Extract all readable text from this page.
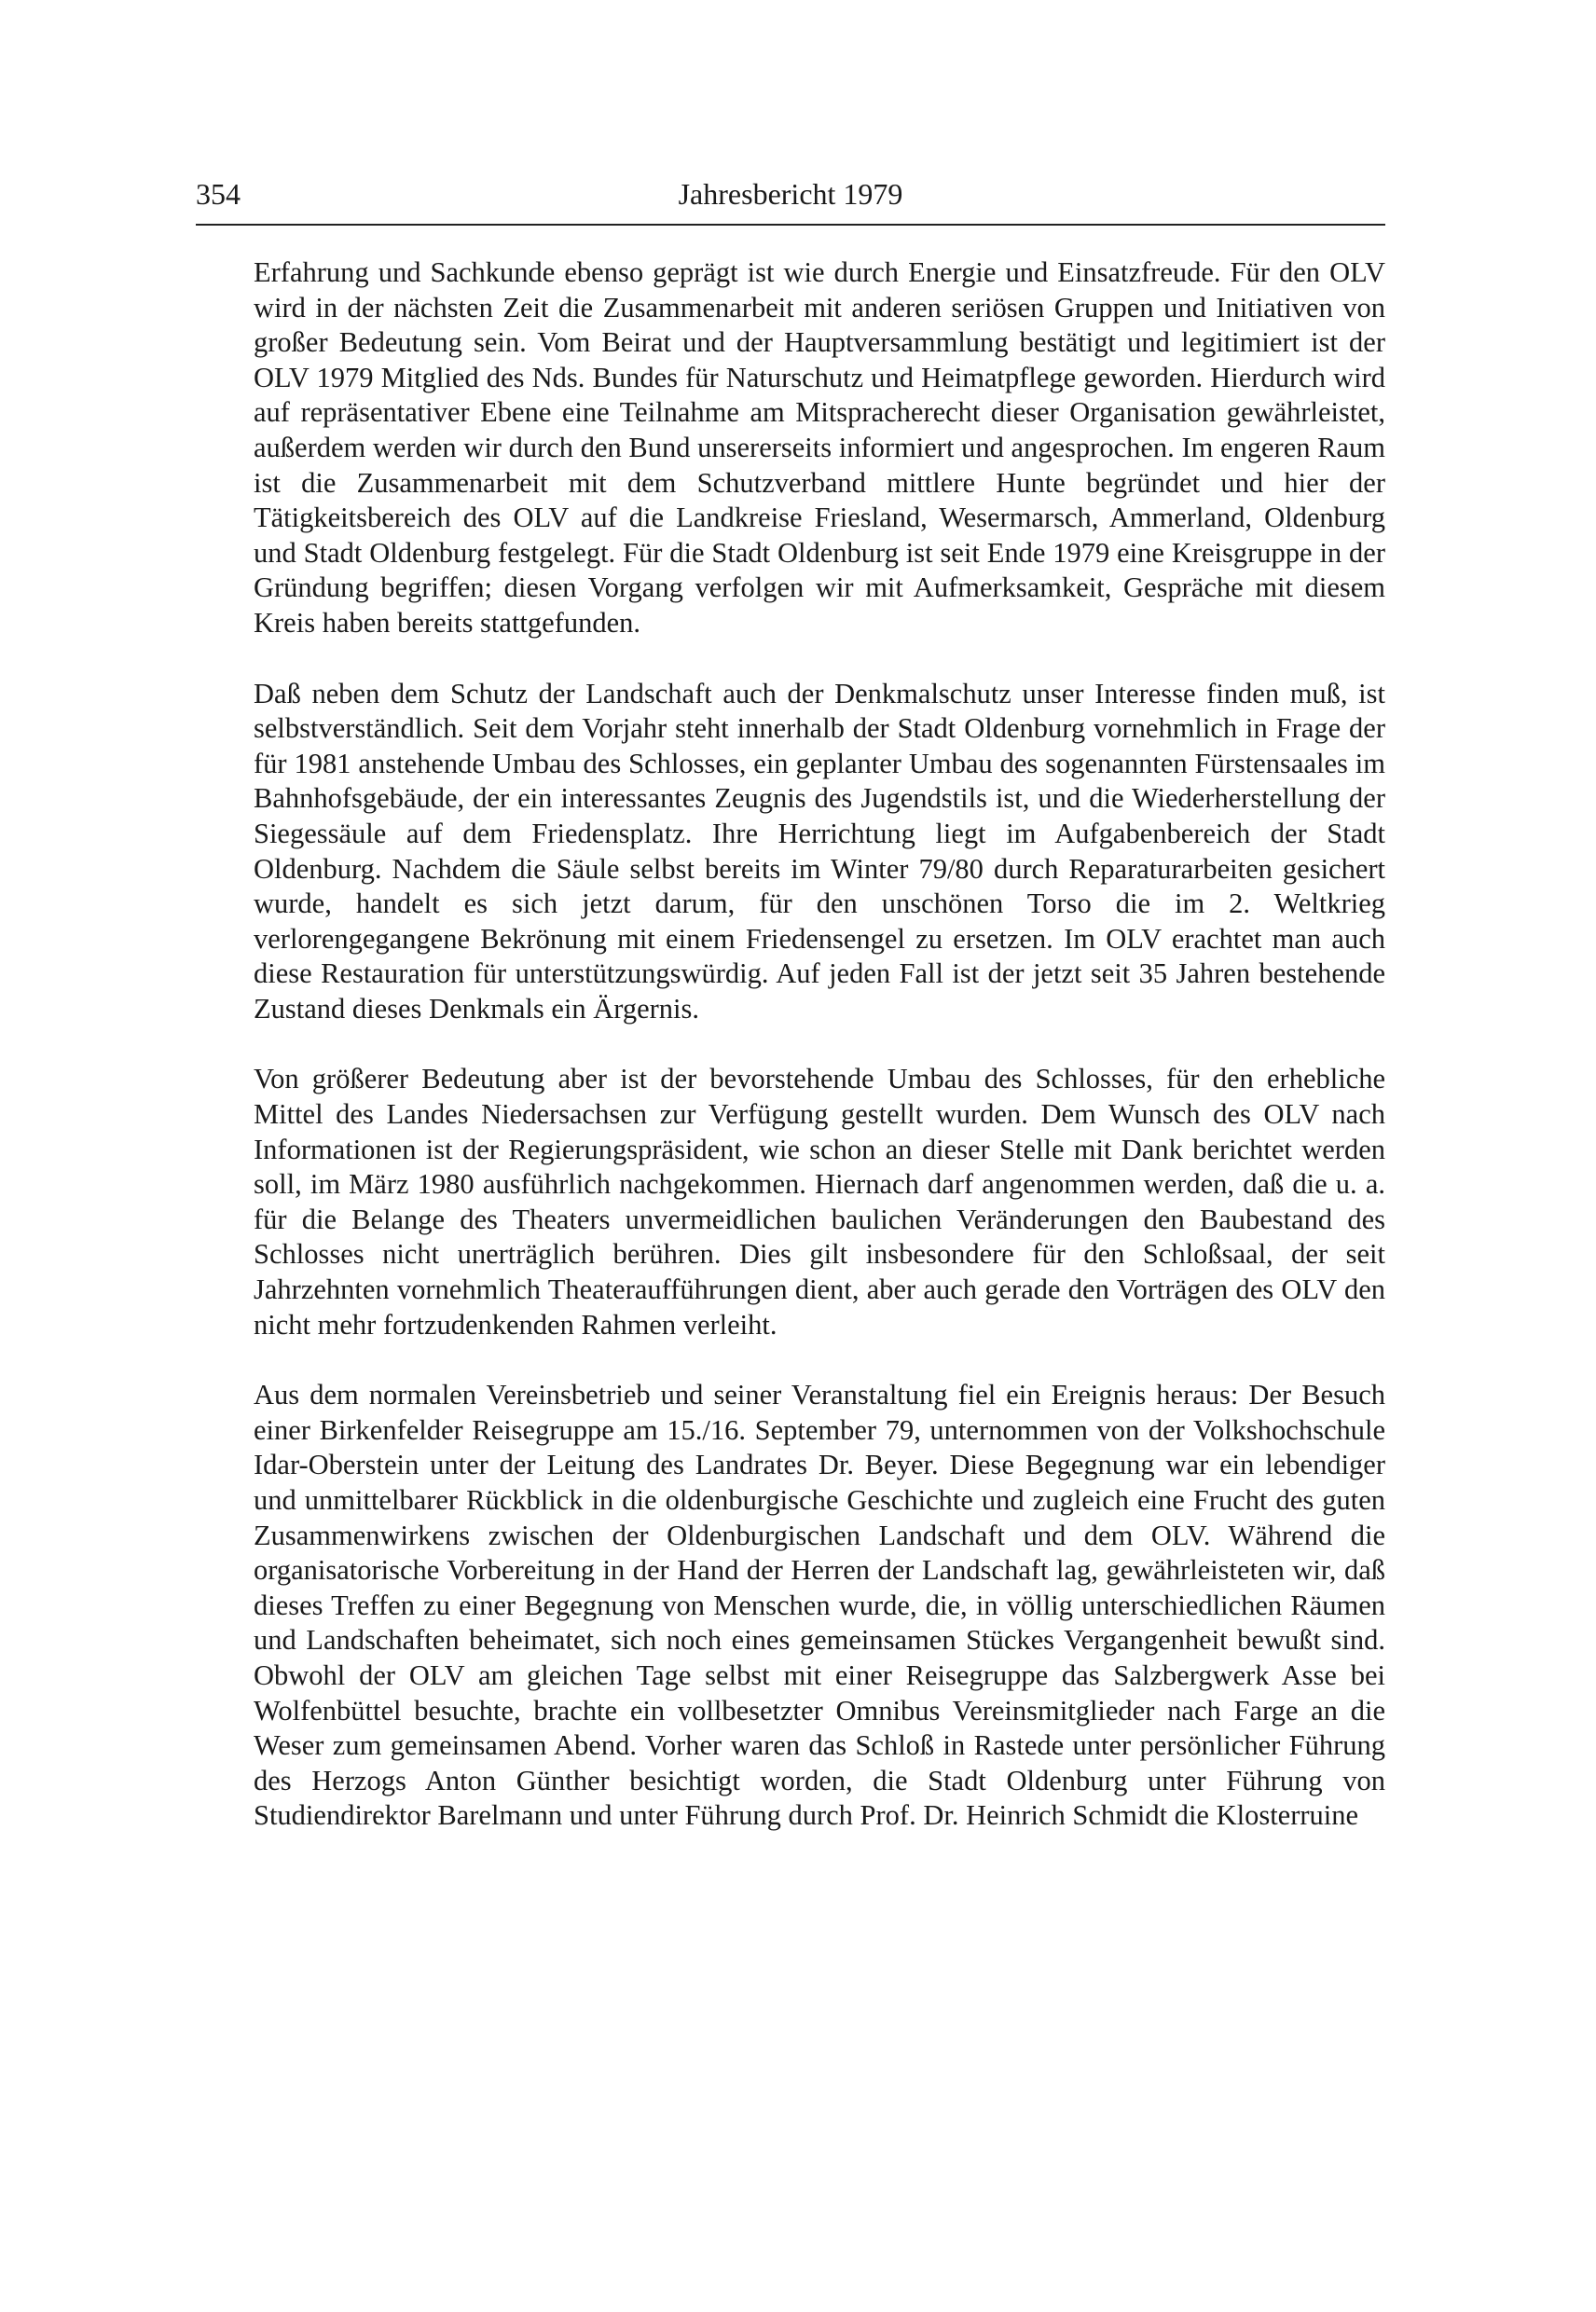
354	Jahresbericht 1979

Erfahrung und Sachkunde ebenso geprägt ist wie durch Energie und Einsatzfreude. Für den OLV wird in der nächsten Zeit die Zusammenarbeit mit anderen seriösen Gruppen und Initiativen von großer Bedeutung sein. Vom Beirat und der Hauptversammlung bestätigt und legitimiert ist der OLV 1979 Mitglied des Nds. Bundes für Naturschutz und Heimatpflege geworden. Hierdurch wird auf repräsentativer Ebene eine Teilnahme am Mitspracherecht dieser Organisation gewährleistet, außerdem werden wir durch den Bund unsererseits informiert und angesprochen. Im engeren Raum ist die Zusammenarbeit mit dem Schutzverband mittlere Hunte begründet und hier der Tätigkeitsbereich des OLV auf die Landkreise Friesland, Wesermarsch, Ammerland, Oldenburg und Stadt Oldenburg festgelegt. Für die Stadt Oldenburg ist seit Ende 1979 eine Kreisgruppe in der Gründung begriffen; diesen Vorgang verfolgen wir mit Aufmerksamkeit, Gespräche mit diesem Kreis haben bereits stattgefunden.

Daß neben dem Schutz der Landschaft auch der Denkmalschutz unser Interesse finden muß, ist selbstverständlich. Seit dem Vorjahr steht innerhalb der Stadt Oldenburg vornehmlich in Frage der für 1981 anstehende Umbau des Schlosses, ein geplanter Umbau des sogenannten Fürstensaales im Bahnhofsgebäude, der ein interessantes Zeugnis des Jugendstils ist, und die Wiederherstellung der Siegessäule auf dem Friedensplatz. Ihre Herrichtung liegt im Aufgabenbereich der Stadt Oldenburg. Nachdem die Säule selbst bereits im Winter 79/80 durch Reparaturarbeiten gesichert wurde, handelt es sich jetzt darum, für den unschönen Torso die im 2. Weltkrieg verlorengegangene Bekrönung mit einem Friedensengel zu ersetzen. Im OLV erachtet man auch diese Restauration für unterstützungswürdig. Auf jeden Fall ist der jetzt seit 35 Jahren bestehende Zustand dieses Denkmals ein Ärgernis.

Von größerer Bedeutung aber ist der bevorstehende Umbau des Schlosses, für den erhebliche Mittel des Landes Niedersachsen zur Verfügung gestellt wurden. Dem Wunsch des OLV nach Informationen ist der Regierungspräsident, wie schon an dieser Stelle mit Dank berichtet werden soll, im März 1980 ausführlich nachgekommen. Hiernach darf angenommen werden, daß die u. a. für die Belange des Theaters unvermeidlichen baulichen Veränderungen den Baubestand des Schlosses nicht unerträglich berühren. Dies gilt insbesondere für den Schloßsaal, der seit Jahrzehnten vornehmlich Theateraufführungen dient, aber auch gerade den Vorträgen des OLV den nicht mehr fortzudenkenden Rahmen verleiht.

Aus dem normalen Vereinsbetrieb und seiner Veranstaltung fiel ein Ereignis heraus: Der Besuch einer Birkenfelder Reisegruppe am 15./16. September 79, unternommen von der Volkshochschule Idar-Oberstein unter der Leitung des Landrates Dr. Beyer. Diese Begegnung war ein lebendiger und unmittelbarer Rückblick in die oldenburgische Geschichte und zugleich eine Frucht des guten Zusammenwirkens zwischen der Oldenburgischen Landschaft und dem OLV. Während die organisatorische Vorbereitung in der Hand der Herren der Landschaft lag, gewährleisteten wir, daß dieses Treffen zu einer Begegnung von Menschen wurde, die, in völlig unterschiedlichen Räumen und Landschaften beheimatet, sich noch eines gemeinsamen Stückes Vergangenheit bewußt sind. Obwohl der OLV am gleichen Tage selbst mit einer Reisegruppe das Salzbergwerk Asse bei Wolfenbüttel besuchte, brachte ein vollbesetzter Omnibus Vereinsmitglieder nach Farge an die Weser zum gemeinsamen Abend. Vorher waren das Schloß in Rastede unter persönlicher Führung des Herzogs Anton Günther besichtigt worden, die Stadt Oldenburg unter Führung von Studiendirektor Barelmann und unter Führung durch Prof. Dr. Heinrich Schmidt die Klosterruine
